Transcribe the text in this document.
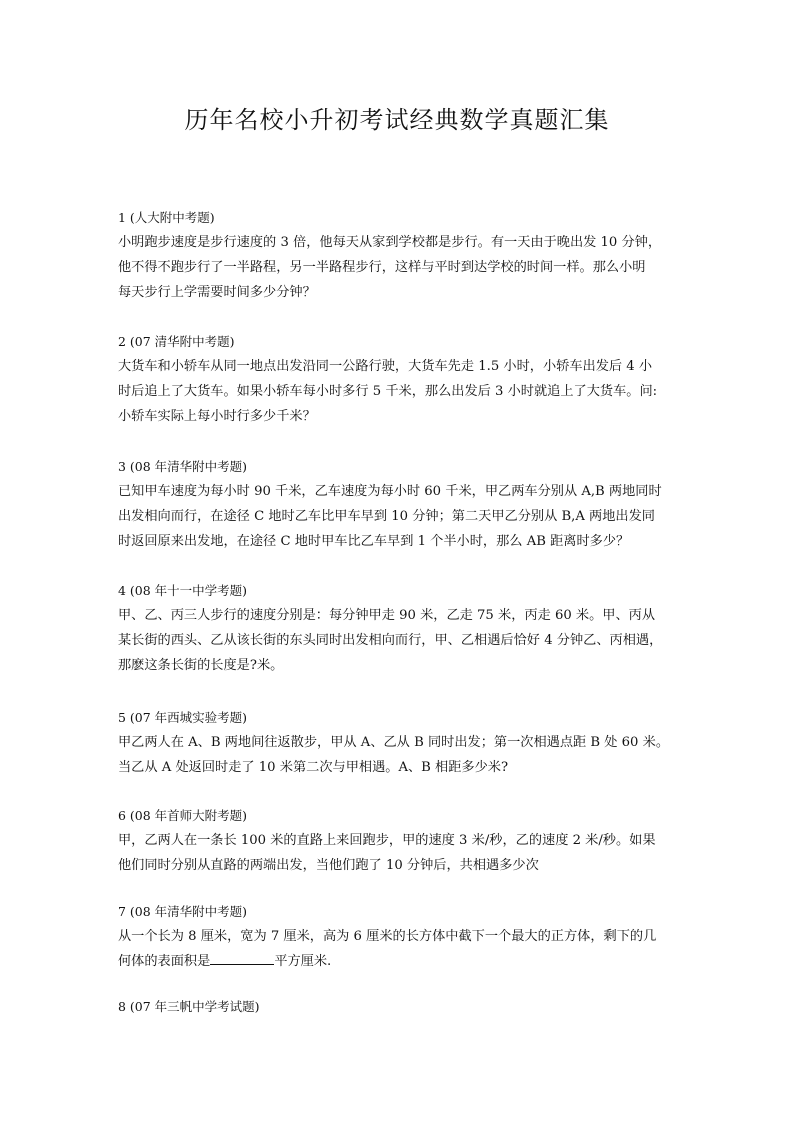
历年名校小升初考试经典数学真题汇集
1 (人大附中考题)
小明跑步速度是步行速度的 3 倍，他每天从家到学校都是步行。有一天由于晚出发 10 分钟，
他不得不跑步行了一半路程，另一半路程步行，这样与平时到达学校的时间一样。那么小明
每天步行上学需要时间多少分钟？
2 (07 清华附中考题)
大货车和小轿车从同一地点出发沿同一公路行驶，大货车先走 1.5 小时，小轿车出发后 4 小
时后追上了大货车。如果小轿车每小时多行 5 千米，那么出发后 3 小时就追上了大货车。问:
小轿车实际上每小时行多少千米？
3 (08 年清华附中考题)
已知甲车速度为每小时 90 千米，乙车速度为每小时 60 千米，甲乙两车分别从 A,B 两地同时
出发相向而行，在途径 C 地时乙车比甲车早到 10 分钟；第二天甲乙分别从 B,A 两地出发同
时返回原来出发地，在途径 C 地时甲车比乙车早到 1 个半小时，那么 AB 距离时多少？
4 (08 年十一中学考题)
甲、乙、丙三人步行的速度分别是：每分钟甲走 90 米，乙走 75 米，丙走 60 米。甲、丙从
某长街的西头、乙从该长街的东头同时出发相向而行，甲、乙相遇后恰好 4 分钟乙、丙相遇，
那麽这条长街的长度是?米。
5 (07 年西城实验考题)
甲乙两人在 A、B 两地间往返散步，甲从 A、乙从 B 同时出发；第一次相遇点距 B 处 60 米。
当乙从 A 处返回时走了 10 米第二次与甲相遇。A、B 相距多少米?
6 (08 年首师大附考题)
甲，乙两人在一条长 100 米的直路上来回跑步，甲的速度 3 米/秒，乙的速度 2 米/秒。如果
他们同时分别从直路的两端出发，当他们跑了 10 分钟后，共相遇多少次
7 (08 年清华附中考题)
从一个长为 8 厘米，宽为 7 厘米，高为 6 厘米的长方体中截下一个最大的正方体，剩下的几
何体的表面积是	平方厘米.
8 (07 年三帆中学考试题)
